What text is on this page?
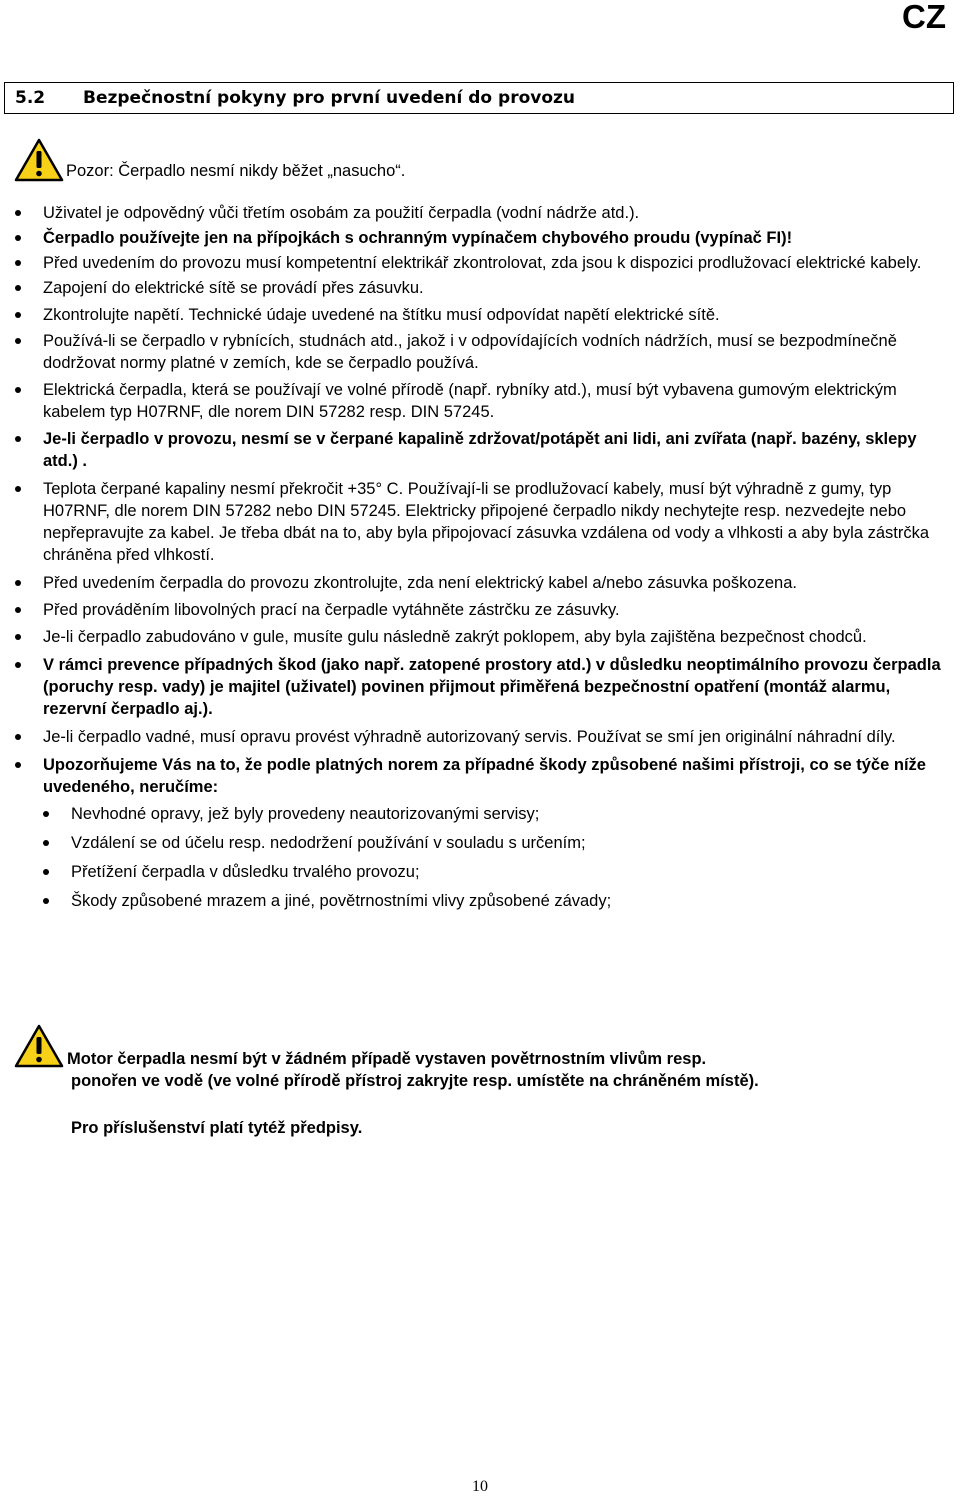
CZ
5.2	Bezpečnostní pokyny pro první uvedení do provozu
Pozor: Čerpadlo nesmí nikdy běžet „nasucho“.
Uživatel je odpovědný vůči třetím osobám za použití čerpadla (vodní nádrže atd.).
Čerpadlo používejte jen na přípojkách s ochranným vypínačem chybového proudu (vypínač FI)!
Před uvedením do provozu musí kompetentní elektrikář zkontrolovat, zda jsou k dispozici prodlužovací elektrické kabely.
Zapojení do elektrické sítě se provádí přes zásuvku.
Zkontrolujte napětí. Technické údaje uvedené na štítku musí odpovídat napětí elektrické sítě.
Používá-li se čerpadlo v rybnících, studnách atd., jakož i v odpovídajících vodních nádržích, musí se bezpodmínečně dodržovat normy platné v zemích, kde se čerpadlo používá.
Elektrická čerpadla, která se používají ve volné přírodě (např. rybníky atd.), musí být vybavena gumovým elektrickým kabelem typ H07RNF, dle norem DIN 57282 resp. DIN 57245.
Je-li čerpadlo v provozu, nesmí se v čerpané kapalině zdržovat/potápět ani lidi, ani zvířata (např. bazény, sklepy atd.) .
Teplota čerpané kapaliny nesmí překročit +35° C. Používají-li se prodlužovací kabely, musí být výhradně z gumy, typ H07RNF, dle norem DIN 57282 nebo DIN 57245. Elektricky připojené čerpadlo nikdy nechytejte resp. nezvedejte nebo nepřepravujte za kabel. Je třeba dbát na to, aby byla připojovací zásuvka vzdálena od vody a vlhkosti a aby byla zástrčka chráněna před vlhkostí.
Před uvedením čerpadla do provozu zkontrolujte, zda není elektrický kabel a/nebo zásuvka poškozena.
Před prováděním libovolných prací na čerpadle vytáhněte zástrčku ze zásuvky.
Je-li čerpadlo zabudováno v gule, musíte gulu následně zakrýt poklopem, aby byla zajištěna bezpečnost chodců.
V rámci prevence případných škod (jako např. zatopené prostory atd.) v důsledku neoptimálního provozu čerpadla (poruchy resp. vady) je majitel (uživatel) povinen přijmout přiměřená bezpečnostní opatření (montáž alarmu, rezervní čerpadlo aj.).
Je-li čerpadlo vadné, musí opravu provést výhradně autorizovaný servis. Používat se smí jen originální náhradní díly.
Upozorňujeme Vás na to, že podle platných norem za případné škody způsobené našimi přístroji, co se týče níže uvedeného, neručíme:
Nevhodné opravy, jež byly provedeny neautorizovanými servisy;
Vzdálení se od účelu resp. nedodržení používání v souladu s určením;
Přetížení čerpadla v důsledku trvalého provozu;
Škody způsobené mrazem a jiné, povětrnostními vlivy způsobené závady;
Motor čerpadla nesmí být v žádném případě vystaven povětrnostním vlivům resp.
ponořen ve vodě (ve volné přírodě přístroj zakryjte resp. umístěte na chráněném místě).
Pro příslušenství platí tytéž předpisy.
10
